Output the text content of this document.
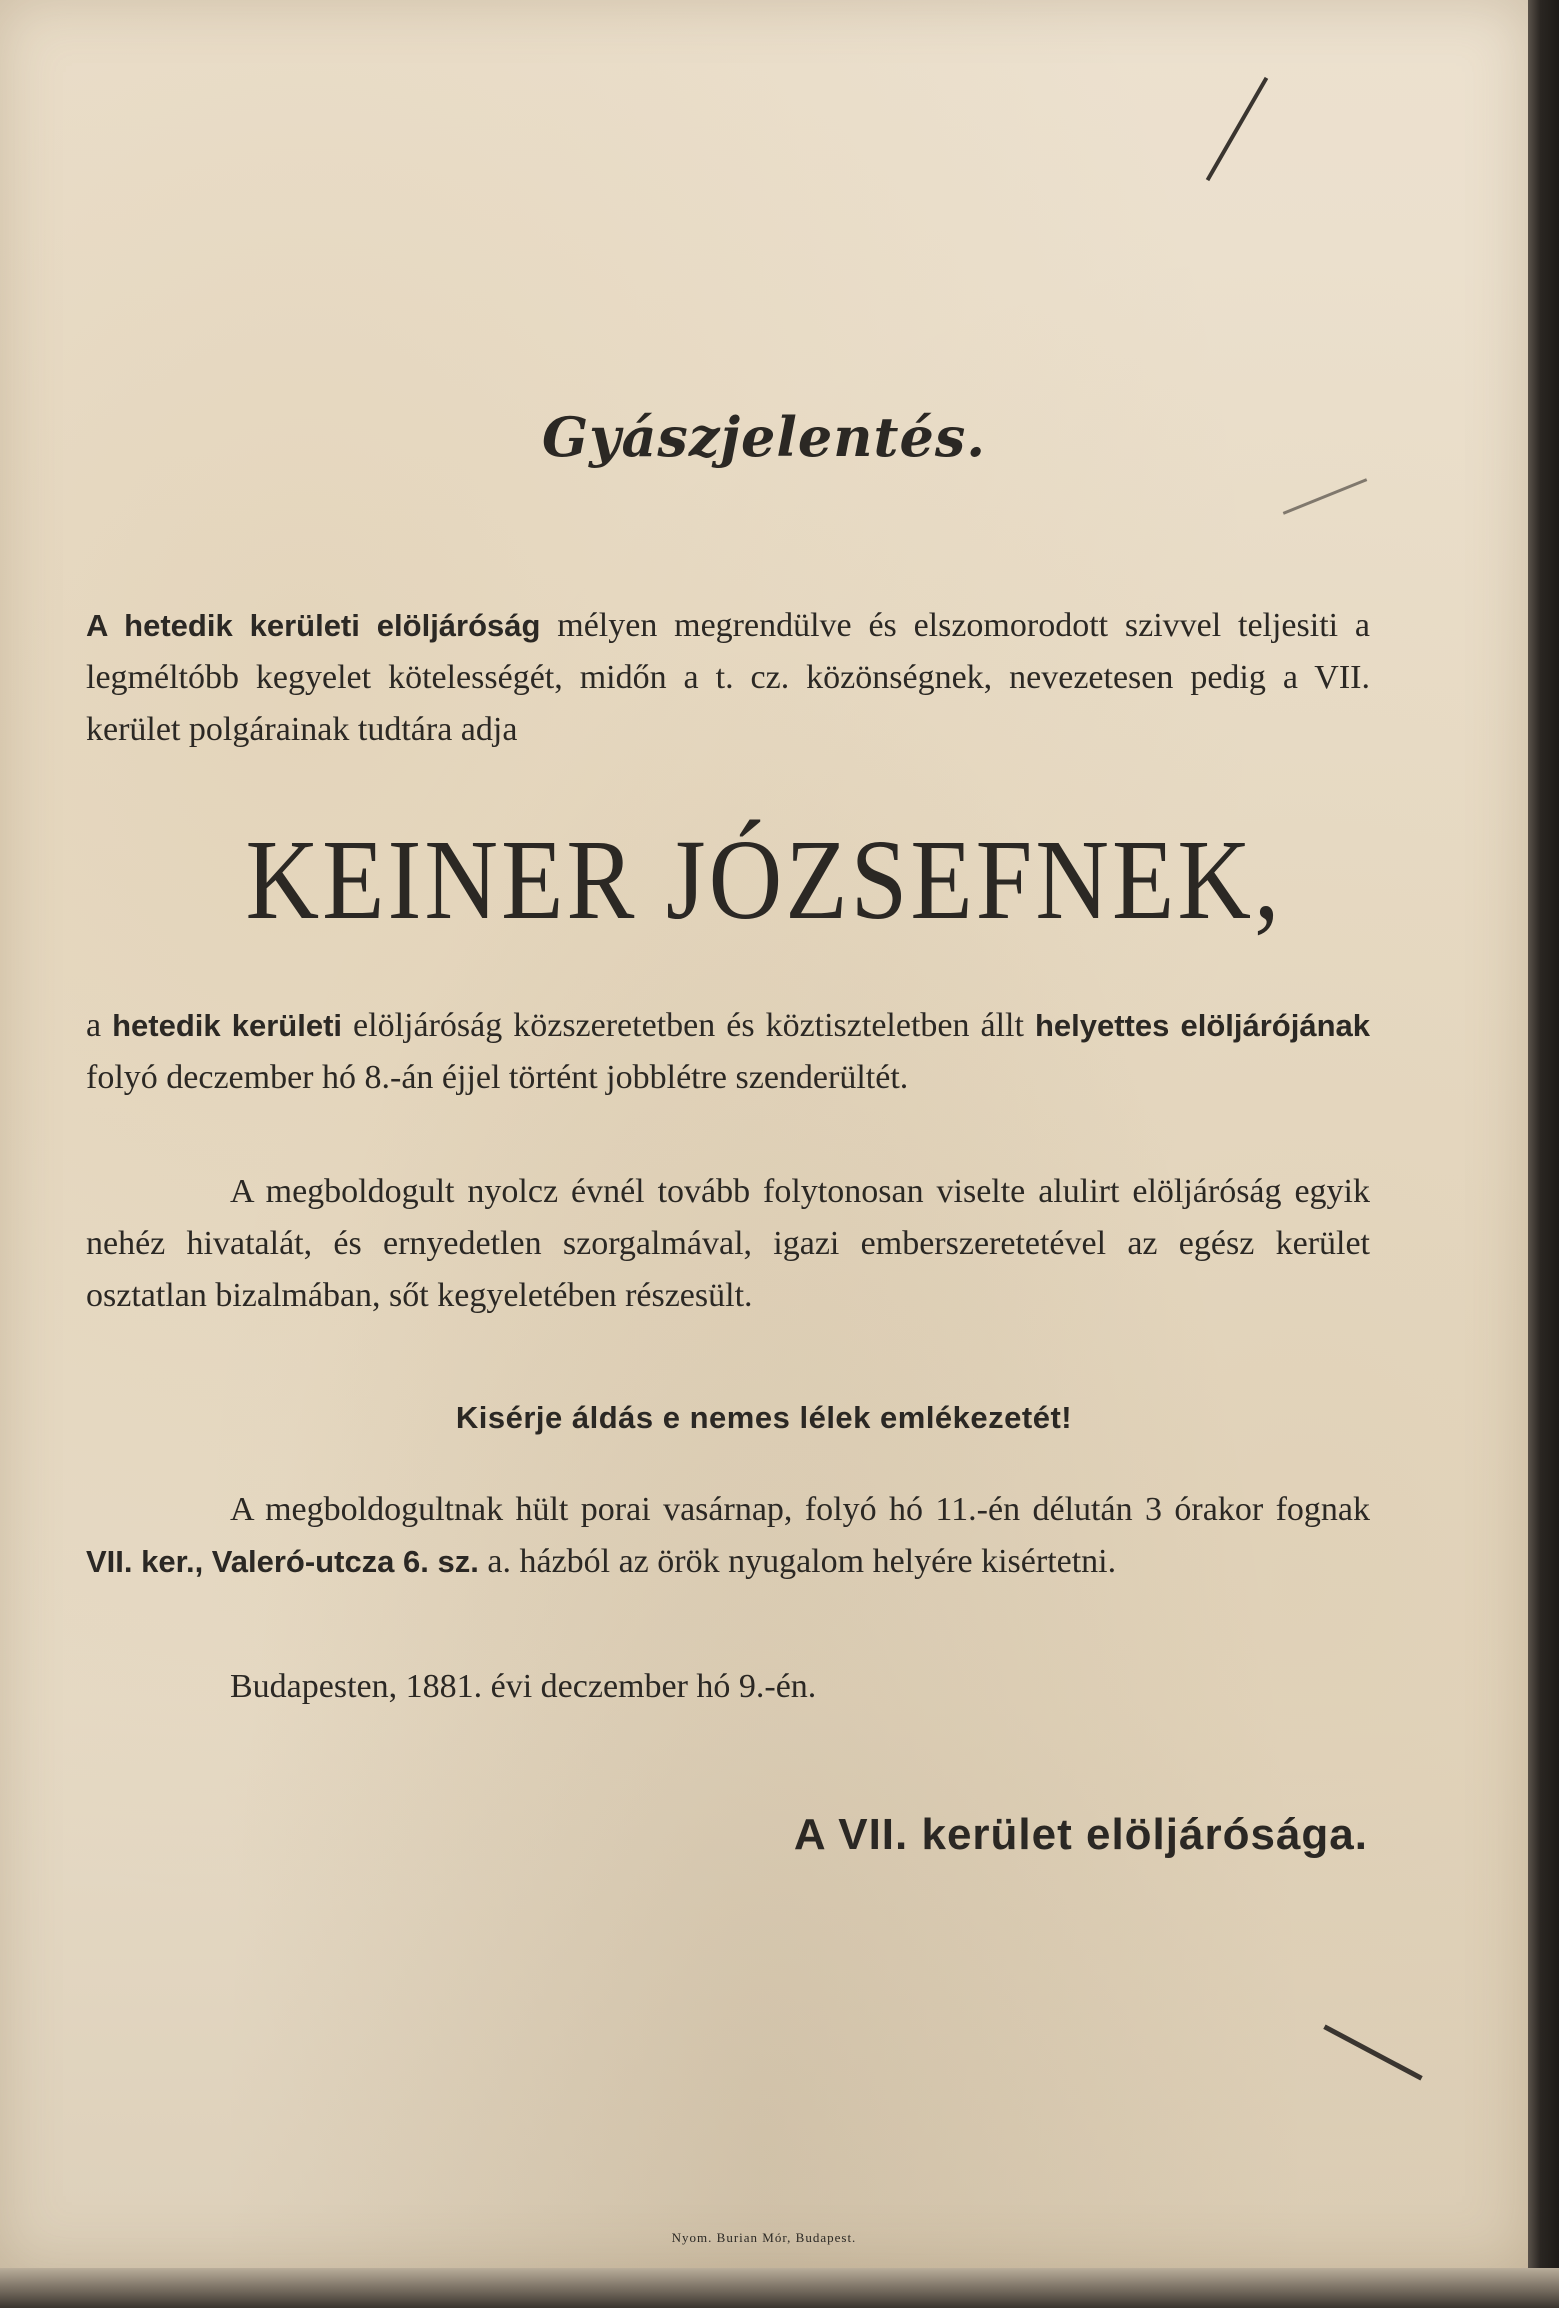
Gyászjelentés.
A hetedik kerületi elöljáróság mélyen megrendülve és elszomorodott szivvel teljesiti a legméltóbb kegyelet kötelességét, midőn a t. cz. közönségnek, nevezetesen pedig a VII. kerület polgárainak tudtára adja
KEINER JÓZSEFNEK,
a hetedik kerületi elöljáróság közszeretetben és köztiszteletben állt helyettes elöljárójának folyó deczember hó 8.-án éjjel történt jobblétre szenderültét.
A megboldogult nyolcz évnél tovább folytonosan viselte alulirt elöljáróság egyik nehéz hivatalát, és ernyedetlen szorgalmával, igazi emberszeretetével az egész kerület osztatlan bizalmában, sőt kegyeletében részesült.
Kisérje áldás e nemes lélek emlékezetét!
A megboldogultnak hült porai vasárnap, folyó hó 11.-én délután 3 órakor fognak VII. ker., Valeró-utcza 6. sz. a. házból az örök nyugalom helyére kisértetni.
Budapesten, 1881. évi deczember hó 9.-én.
A VII. kerület elöljárósága.
Nyom. Burian Mór, Budapest.
